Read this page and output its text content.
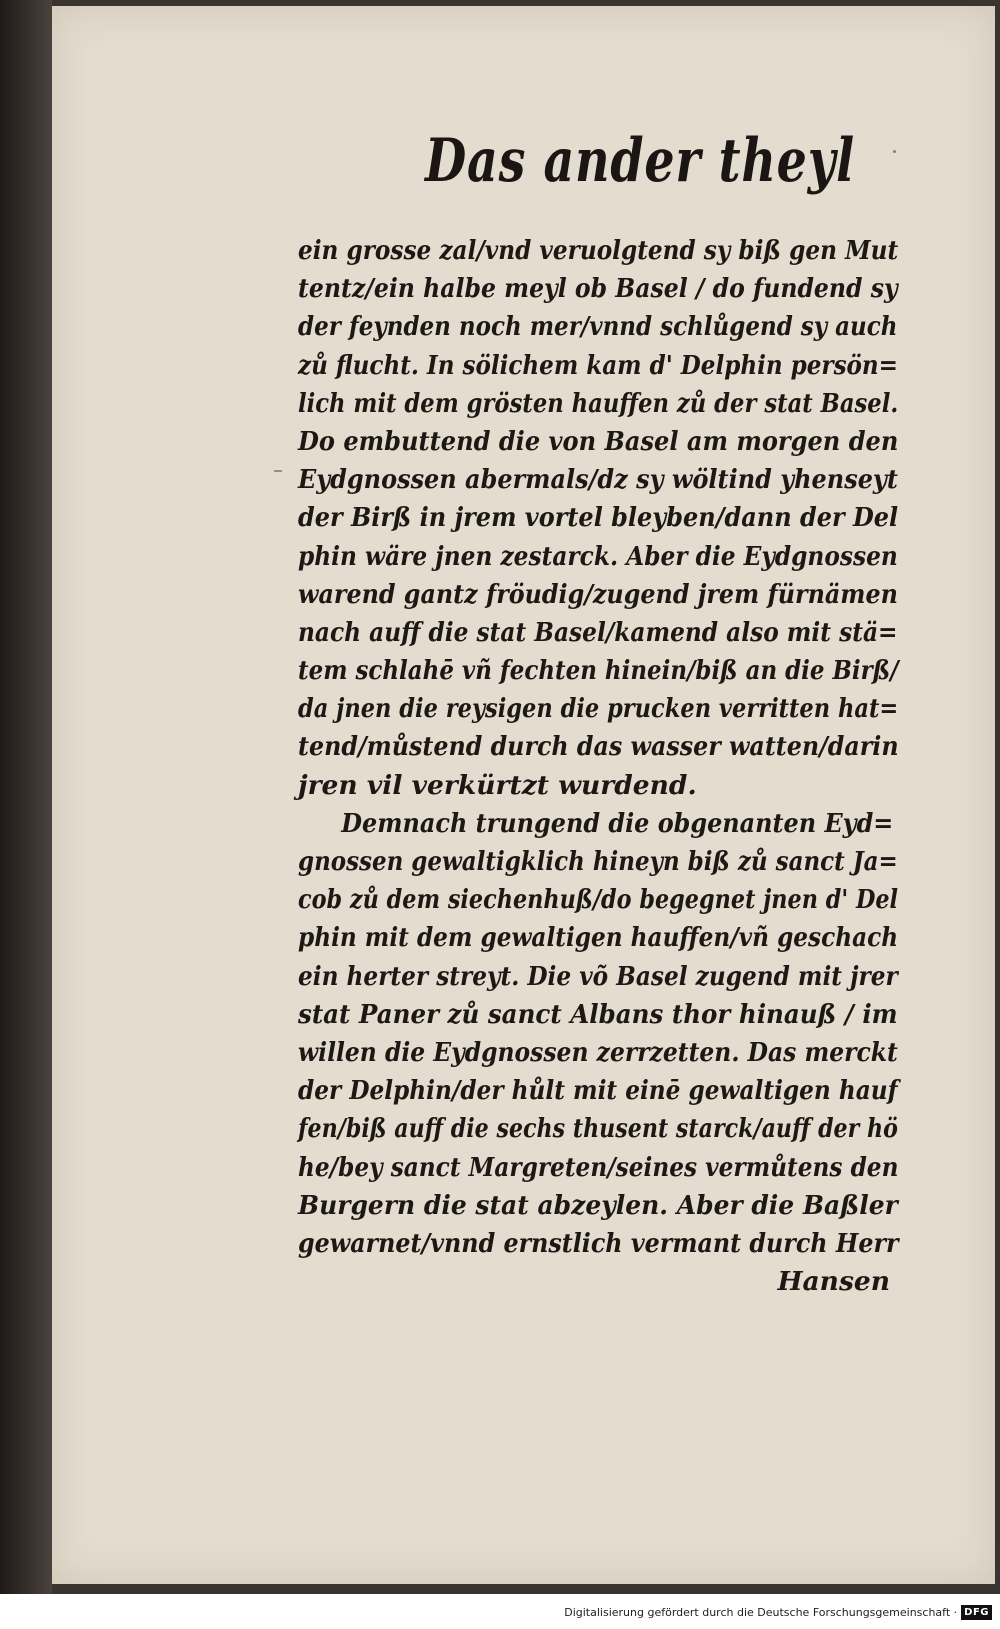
Das ander theyl
ein grosse zal/vnd veruolgtend sy biß gen Mut
tentz/ein halbe meyl ob Basel / do fundend sy
der feynden noch mer/vnnd schlůgend sy auch
zů flucht. In sölichem kam d' Delphin persön=
lich mit dem grösten hauffen zů der stat Basel.
Do embuttend die von Basel am morgen den
Eydgnossen abermals/dz sy wöltind yhenseyt
der Birß in jrem vortel bleyben/dann der Del
phin wäre jnen zestarck. Aber die Eydgnossen
warend gantz fröudig/zugend jrem fürnämen
nach auff die stat Basel/kamend also mit stä=
tem schlahē vñ fechten hinein/biß an die Birß/
da jnen die reysigen die prucken verritten hat=
tend/můstend durch das wasser watten/darin
jren vil verkürtzt wurdend.
Demnach trungend die obgenanten Eyd=
gnossen gewaltigklich hineyn biß zů sanct Ja=
cob zů dem siechenhuß/do begegnet jnen d' Del
phin mit dem gewaltigen hauffen/vñ geschach
ein herter streyt. Die võ Basel zugend mit jrer
stat Paner zů sanct Albans thor hinauß / im
willen die Eydgnossen zerrzetten. Das merckt
der Delphin/der hůlt mit einē gewaltigen hauf
fen/biß auff die sechs thusent starck/auff der hö
he/bey sanct Margreten/seines vermůtens den
Burgern die stat abzeylen. Aber die Baßler
gewarnet/vnnd ernstlich vermant durch Herr
Hansen
Digitalisierung gefördert durch die Deutsche Forschungsgemeinschaft · DFG
